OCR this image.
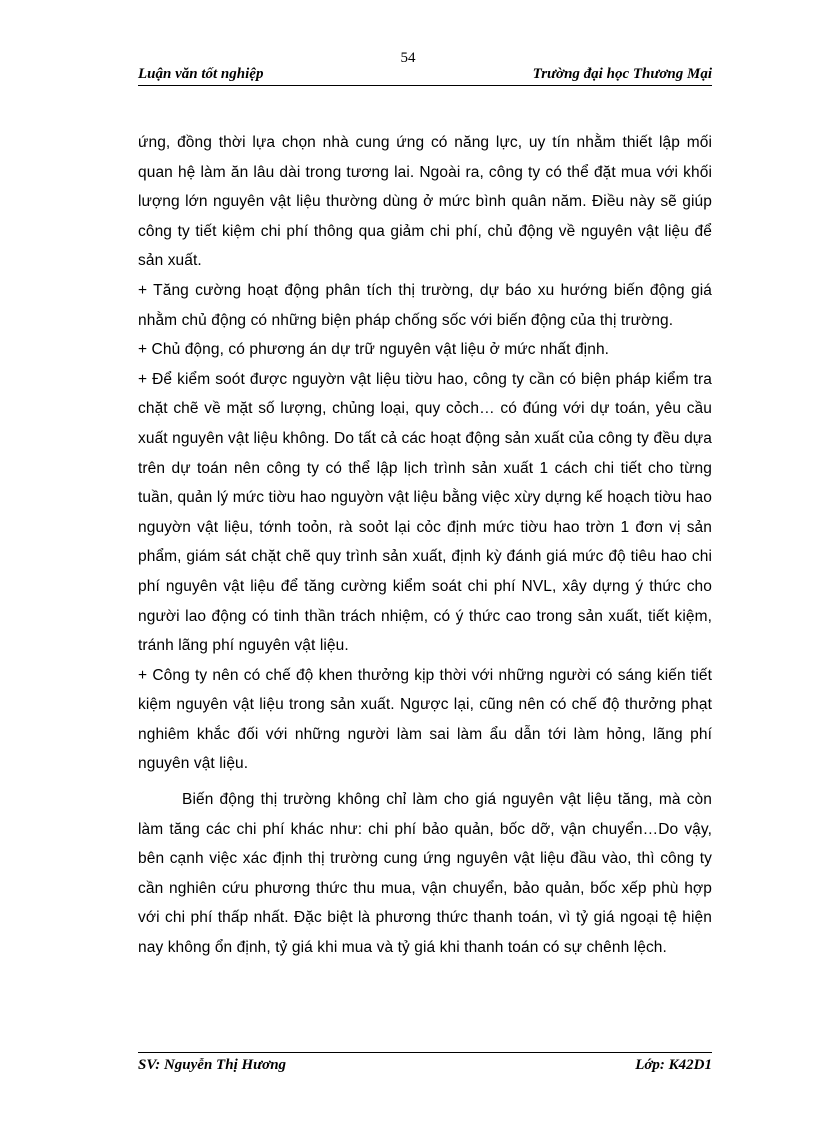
54
Luận văn tốt nghiệp	Trường đại học Thương Mại

ứng, đồng thời lựa chọn nhà cung ứng có năng lực, uy tín nhằm thiết lập mối quan hệ làm ăn lâu dài trong tương lai. Ngoài ra, công ty có thể đặt mua với khối lượng lớn nguyên vật liệu thường dùng ở mức bình quân năm. Điều này sẽ giúp công ty tiết kiệm chi phí thông qua giảm chi phí, chủ động về nguyên vật liệu để sản xuất.

+ Tăng cường hoạt động phân tích thị trường, dự báo xu hướng biến động giá nhằm chủ động có những biện pháp chống sốc với biến động của thị trường.

+ Chủ động, có phương án dự trữ nguyên vật liệu ở mức nhất định.

+ Để kiểm soót được nguyờn vật liệu tiờu hao, công ty cần có biện pháp kiểm tra chặt chẽ về mặt số lượng, chủng loại, quy cỏch… có đúng với dự toán, yêu cầu xuất nguyên vật liệu không. Do tất cả các hoạt động sản xuất của công ty đều dựa trên dự toán nên công ty có thể lập lịch trình sản xuất 1 cách chi tiết cho từng tuần, quản lý mức tiờu hao nguyờn vật liệu bằng việc xừy dựng kế hoạch tiờu hao nguyờn vật liệu, tớnh toỏn, rà soỏt lại cỏc định mức tiờu hao trờn 1 đơn vị sản phẩm, giám sát chặt chẽ quy trình sản xuất, định kỳ đánh giá mức độ tiêu hao chi phí nguyên vật liệu để tăng cường kiểm soát chi phí NVL, xây dựng ý thức cho người lao động có tinh thần trách nhiệm, có ý thức cao trong sản xuất, tiết kiệm, tránh lãng phí nguyên vật liệu.

+ Công ty nên có chế độ khen thưởng kịp thời với những người có sáng kiến tiết kiệm nguyên vật liệu trong sản xuất. Ngược lại, cũng nên có chế độ thưởng phạt nghiêm khắc đối với những người làm sai làm ẩu dẫn tới làm hỏng, lãng phí nguyên vật liệu.

Biến động thị trường không chỉ làm cho giá nguyên vật liệu tăng, mà còn làm tăng các chi phí khác như: chi phí bảo quản, bốc dỡ, vận chuyển…Do vậy, bên cạnh việc xác định thị trường cung ứng nguyên vật liệu đầu vào, thì công ty cần nghiên cứu phương thức thu mua, vận chuyển, bảo quản, bốc xếp phù hợp với chi phí thấp nhất. Đặc biệt là phương thức thanh toán, vì tỷ giá ngoại tệ hiện nay không ổn định, tỷ giá khi mua và tỷ giá khi thanh toán có sự chênh lệch.

SV: Nguyễn Thị Hương	Lớp: K42D1
